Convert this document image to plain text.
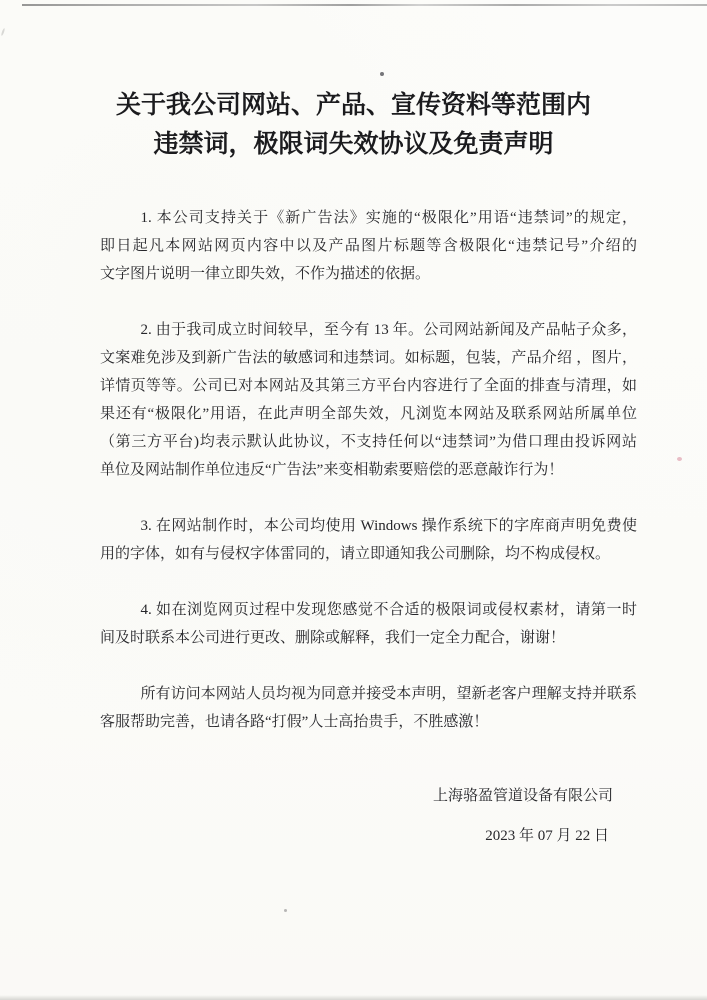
关于我公司网站、产品、宣传资料等范围内
违禁词，极限词失效协议及免责声明
1. 本公司支持关于《新广告法》实施的“极限化”用语“违禁词”的规定，
即日起凡本网站网页内容中以及产品图片标题等含极限化“违禁记号”介绍的
文字图片说明一律立即失效，不作为描述的依据。
2. 由于我司成立时间较早，至今有 13 年。公司网站新闻及产品帖子众多，
文案难免涉及到新广告法的敏感词和违禁词。如标题，包装，产品介绍 ，图片，
详情页等等。公司已对本网站及其第三方平台内容进行了全面的排查与清理，如
果还有“极限化”用语，在此声明全部失效，凡浏览本网站及联系网站所属单位
（第三方平台)均表示默认此协议，不支持任何以“违禁词”为借口理由投诉网站
单位及网站制作单位违反“广告法”来变相勒索要赔偿的恶意敲诈行为！
3. 在网站制作时，本公司均使用 Windows 操作系统下的字库商声明免费使
用的字体，如有与侵权字体雷同的，请立即通知我公司删除，均不构成侵权。
4. 如在浏览网页过程中发现您感觉不合适的极限词或侵权素材，请第一时
间及时联系本公司进行更改、删除或解释，我们一定全力配合，谢谢！
所有访问本网站人员均视为同意并接受本声明，望新老客户理解支持并联系
客服帮助完善，也请各路“打假”人士高抬贵手，不胜感激！
上海骆盈管道设备有限公司
2023 年 07 月 22 日
